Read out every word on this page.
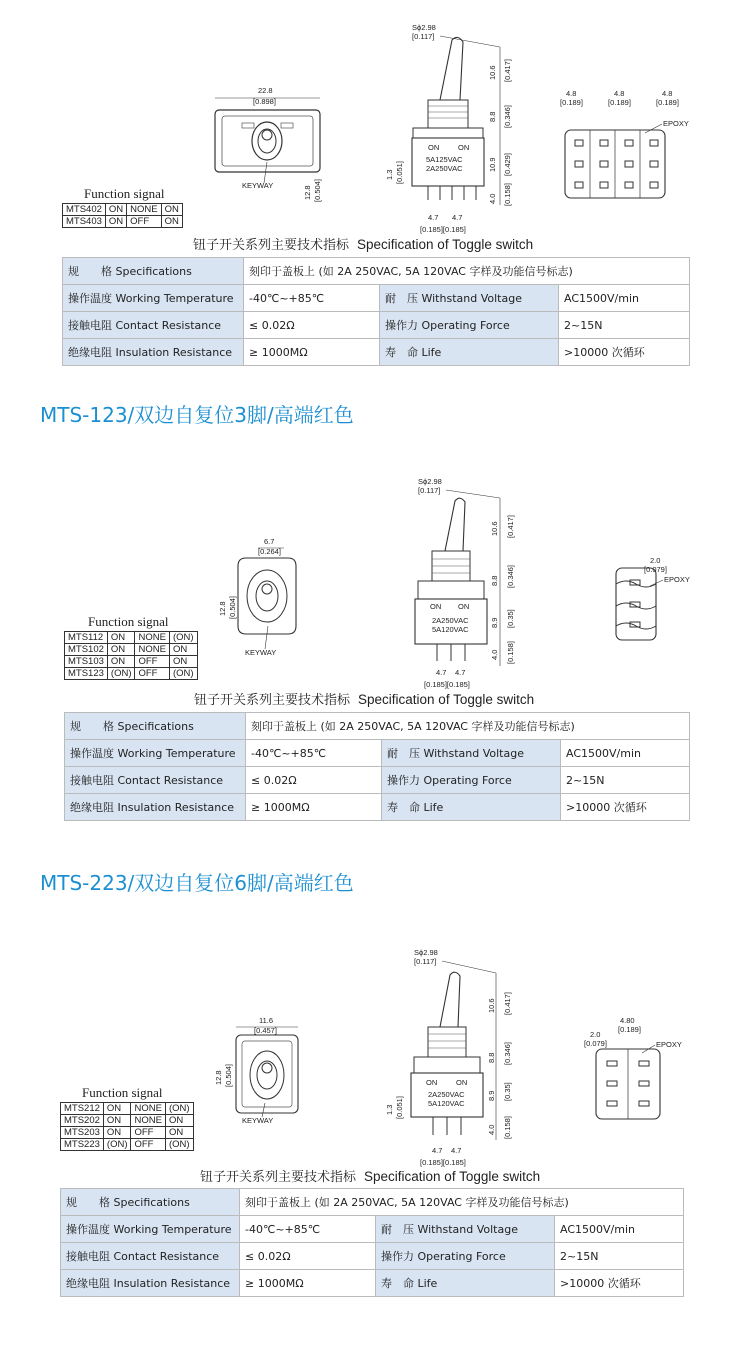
22.8
[0.898]
KEYWAY	12.8 [0.504]
Sϕ2.98
[0.117]
ON	ON
5A125VAC
2A250VAC
10.6 [0.417]
8.8 [0.346]
10.9 [0.429]
4.0 [0.158]
1.3 [0.051]
4.7 4.7
[0.185][0.185]
4.8
[0.189]
4.8
[0.189]
4.8
[0.189]
EPOXY
Function signal
MTS402	ON	NONE	ON
MTS403	ON	OFF	ON
钮子开关系列主要技术指标 Specification of Toggle switch
规　　格 Specifications	刻印于盖板上 (如 2A 250VAC, 5A 120VAC 字样及功能信号标志)		
操作温度 Working Temperature	-40℃~+85℃	耐　压 Withstand Voltage	AC1500V/min
接触电阻 Contact Resistance	≤ 0.02Ω	操作力 Operating Force	2~15N
绝缘电阻 Insulation Resistance	≥ 1000MΩ	寿　命 Life	>10000 次循环
MTS-123/双边自复位3脚/高端红色
6.7
[0.264]
KEYWAY
12.8 [0.504]
Sϕ2.98
[0.117]
ON ON
2A250VAC
5A120VAC
10.6 [0.417]
8.8 [0.346]
8.9 [0.35]
4.0 [0.158]
4.7 4.7
[0.185][0.185]
2.0
[0.079]
EPOXY
Function signal
MTS112	ON	NONE	(ON)
MTS102	ON	NONE	ON
MTS103	ON	OFF	ON
MTS123	(ON)	OFF	(ON)
钮子开关系列主要技术指标 Specification of Toggle switch
规　　格 Specifications	刻印于盖板上 (如 2A 250VAC, 5A 120VAC 字样及功能信号标志)		
操作温度 Working Temperature	-40℃~+85℃	耐　压 Withstand Voltage	AC1500V/min
接触电阻 Contact Resistance	≤ 0.02Ω	操作力 Operating Force	2~15N
绝缘电阻 Insulation Resistance	≥ 1000MΩ	寿　命 Life	>10000 次循环
MTS-223/双边自复位6脚/高端红色
11.6
[0.457]
KEYWAY
12.8 [0.504]
Sϕ2.98
[0.117]
ON	ON
2A250VAC
5A120VAC
10.6 [0.417]
8.8 [0.346]
8.9 [0.35]
4.0 [0.158]
1.3 [0.051]
4.7 4.7
[0.185][0.185]
2.0
[0.079]
4.80
[0.189]
EPOXY
Function signal
MTS212	ON	NONE	(ON)
MTS202	ON	NONE	ON
MTS203	ON	OFF	ON
MTS223	(ON)	OFF	(ON)
钮子开关系列主要技术指标 Specification of Toggle switch
规　　格 Specifications	刻印于盖板上 (如 2A 250VAC, 5A 120VAC 字样及功能信号标志)		
操作温度 Working Temperature	-40℃~+85℃	耐　压 Withstand Voltage	AC1500V/min
接触电阻 Contact Resistance	≤ 0.02Ω	操作力 Operating Force	2~15N
绝缘电阻 Insulation Resistance	≥ 1000MΩ	寿　命 Life	>10000 次循环
